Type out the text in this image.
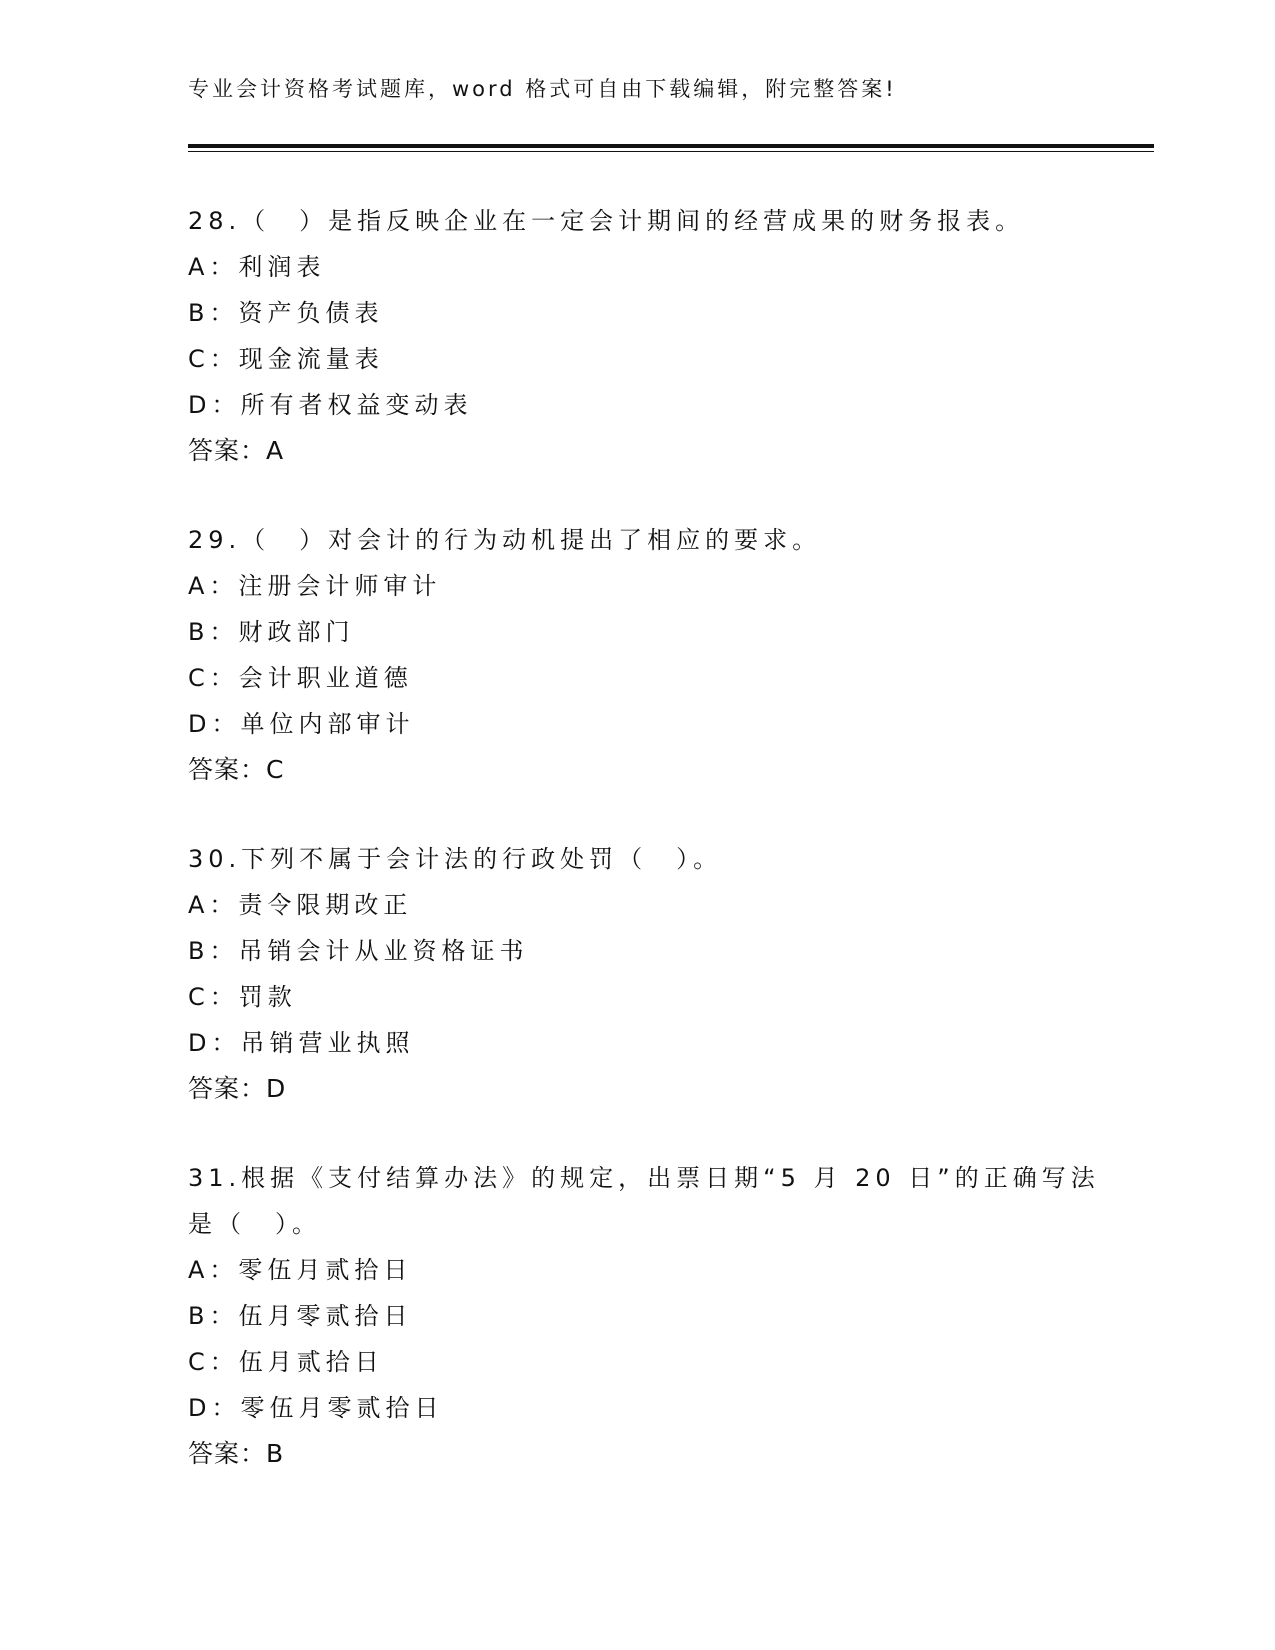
专业会计资格考试题库，word 格式可自由下载编辑，附完整答案!
28.（　）是指反映企业在一定会计期间的经营成果的财务报表。
A：利润表
B：资产负债表
C：现金流量表
D：所有者权益变动表
答案：A
29.（　）对会计的行为动机提出了相应的要求。
A：注册会计师审计
B：财政部门
C：会计职业道德
D：单位内部审计
答案：C
30.下列不属于会计法的行政处罚（　）。
A：责令限期改正
B：吊销会计从业资格证书
C：罚款
D：吊销营业执照
答案：D
31.根据《支付结算办法》的规定，出票日期“5 月 20 日”的正确写法
是（　）。
A：零伍月贰拾日
B：伍月零贰拾日
C：伍月贰拾日
D：零伍月零贰拾日
答案：B
